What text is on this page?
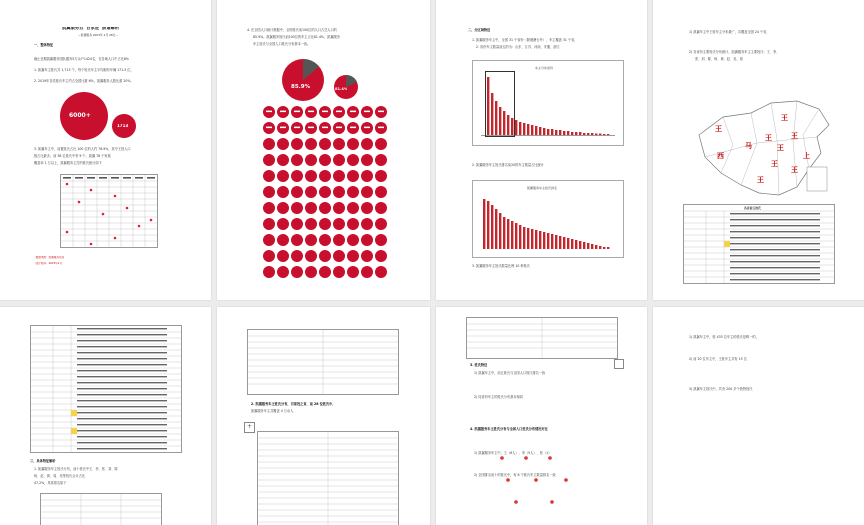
凯翼服务五“百家姓”族谱解析
—凯翼服务 2023年 2月 28日—
一、整体特征
截止近期凯翼服务团队服务5万余户1424名，在各地人口中占比8%
1. 凯翼车主姓氏共 1,713 个，每个姓氏车主平均拥有车辆 171.5 位，
2. 2019年各类姓氏车主约占全国比重 6%，凯翼服务人数比重 20%，
6000+
1713
3. 凯翼车主中，前置姓氏占比 100 位的人约 76.9%，其中王姓人口
数占比最多。前 38 位姓氏中李 9 个，凯翼 78 个家族
覆盖率 1 万以上，凯翼服务主打的姓氏统计如下
· 数据来源：凯翼服务系统
· 统计时间：2023年2月
4. 在全国人口统计数据中，全国姓氏前100位的人口占总人口的
85.9%。凯翼服务姓氏前100位的车主占比81.4%，凯翼服务
车主姓氏与全国人口姓氏分布基本一致。
85.9%	81.4%
二、分区域特征
1. 凯翼服务车主中，全国 31 个省份（除港澳台外），车主覆盖 31 个省，
2. 省份车主数量前五的为：山东、江苏、河南、安徽、浙江
车主分布省份
2. 凯翼服务车主姓氏排名前20的车主数量占比统计
凯翼服务车主姓氏排名
3. 凯翼服务车主姓氏数量比例 10 种姓氏
1) 凯翼车主中王姓车主分布最广，共覆盖全国 24 个省、
2) 各省份主要姓氏分布统计，凯翼服务车主主要姓氏：王、李、
张、刘、陈、杨、黄、赵、吴、周
王
王
王
马
西
王
王
王
王
王
上
各省前五姓氏
三、具体特征解析
1. 凯翼服务车主姓氏分布，前十姓氏中王、李、张、刘、陈
杨、赵、黄、周、吴等姓氏合计占比
47.2%，具体排名如下
2. 凯翼服务车主姓氏分布，百家姓之首，前 28 位姓氏中，
凯翼服务车主共覆盖 4 万余人
+
3. 姓氏特征
1) 凯翼车主中，前五姓氏与全国人口姓氏排名一致
2) 同省份车主的姓氏分布基本相同
4. 凯翼服务车主姓氏分布与全国人口姓氏分布情况对比
1) 凯翼服务车主中，王（6人）、李（5人）、张（1）
2) 全国排名前十的姓氏中，有 6 个姓氏车主数量排名一致
1) 凯翼车主中，姓 433 位车主的姓氏是唯一的，
2) 前 20 位车主中，王姓车主共有 15 位
3) 凯翼车主姓氏中，共有 200 多个独特姓氏
